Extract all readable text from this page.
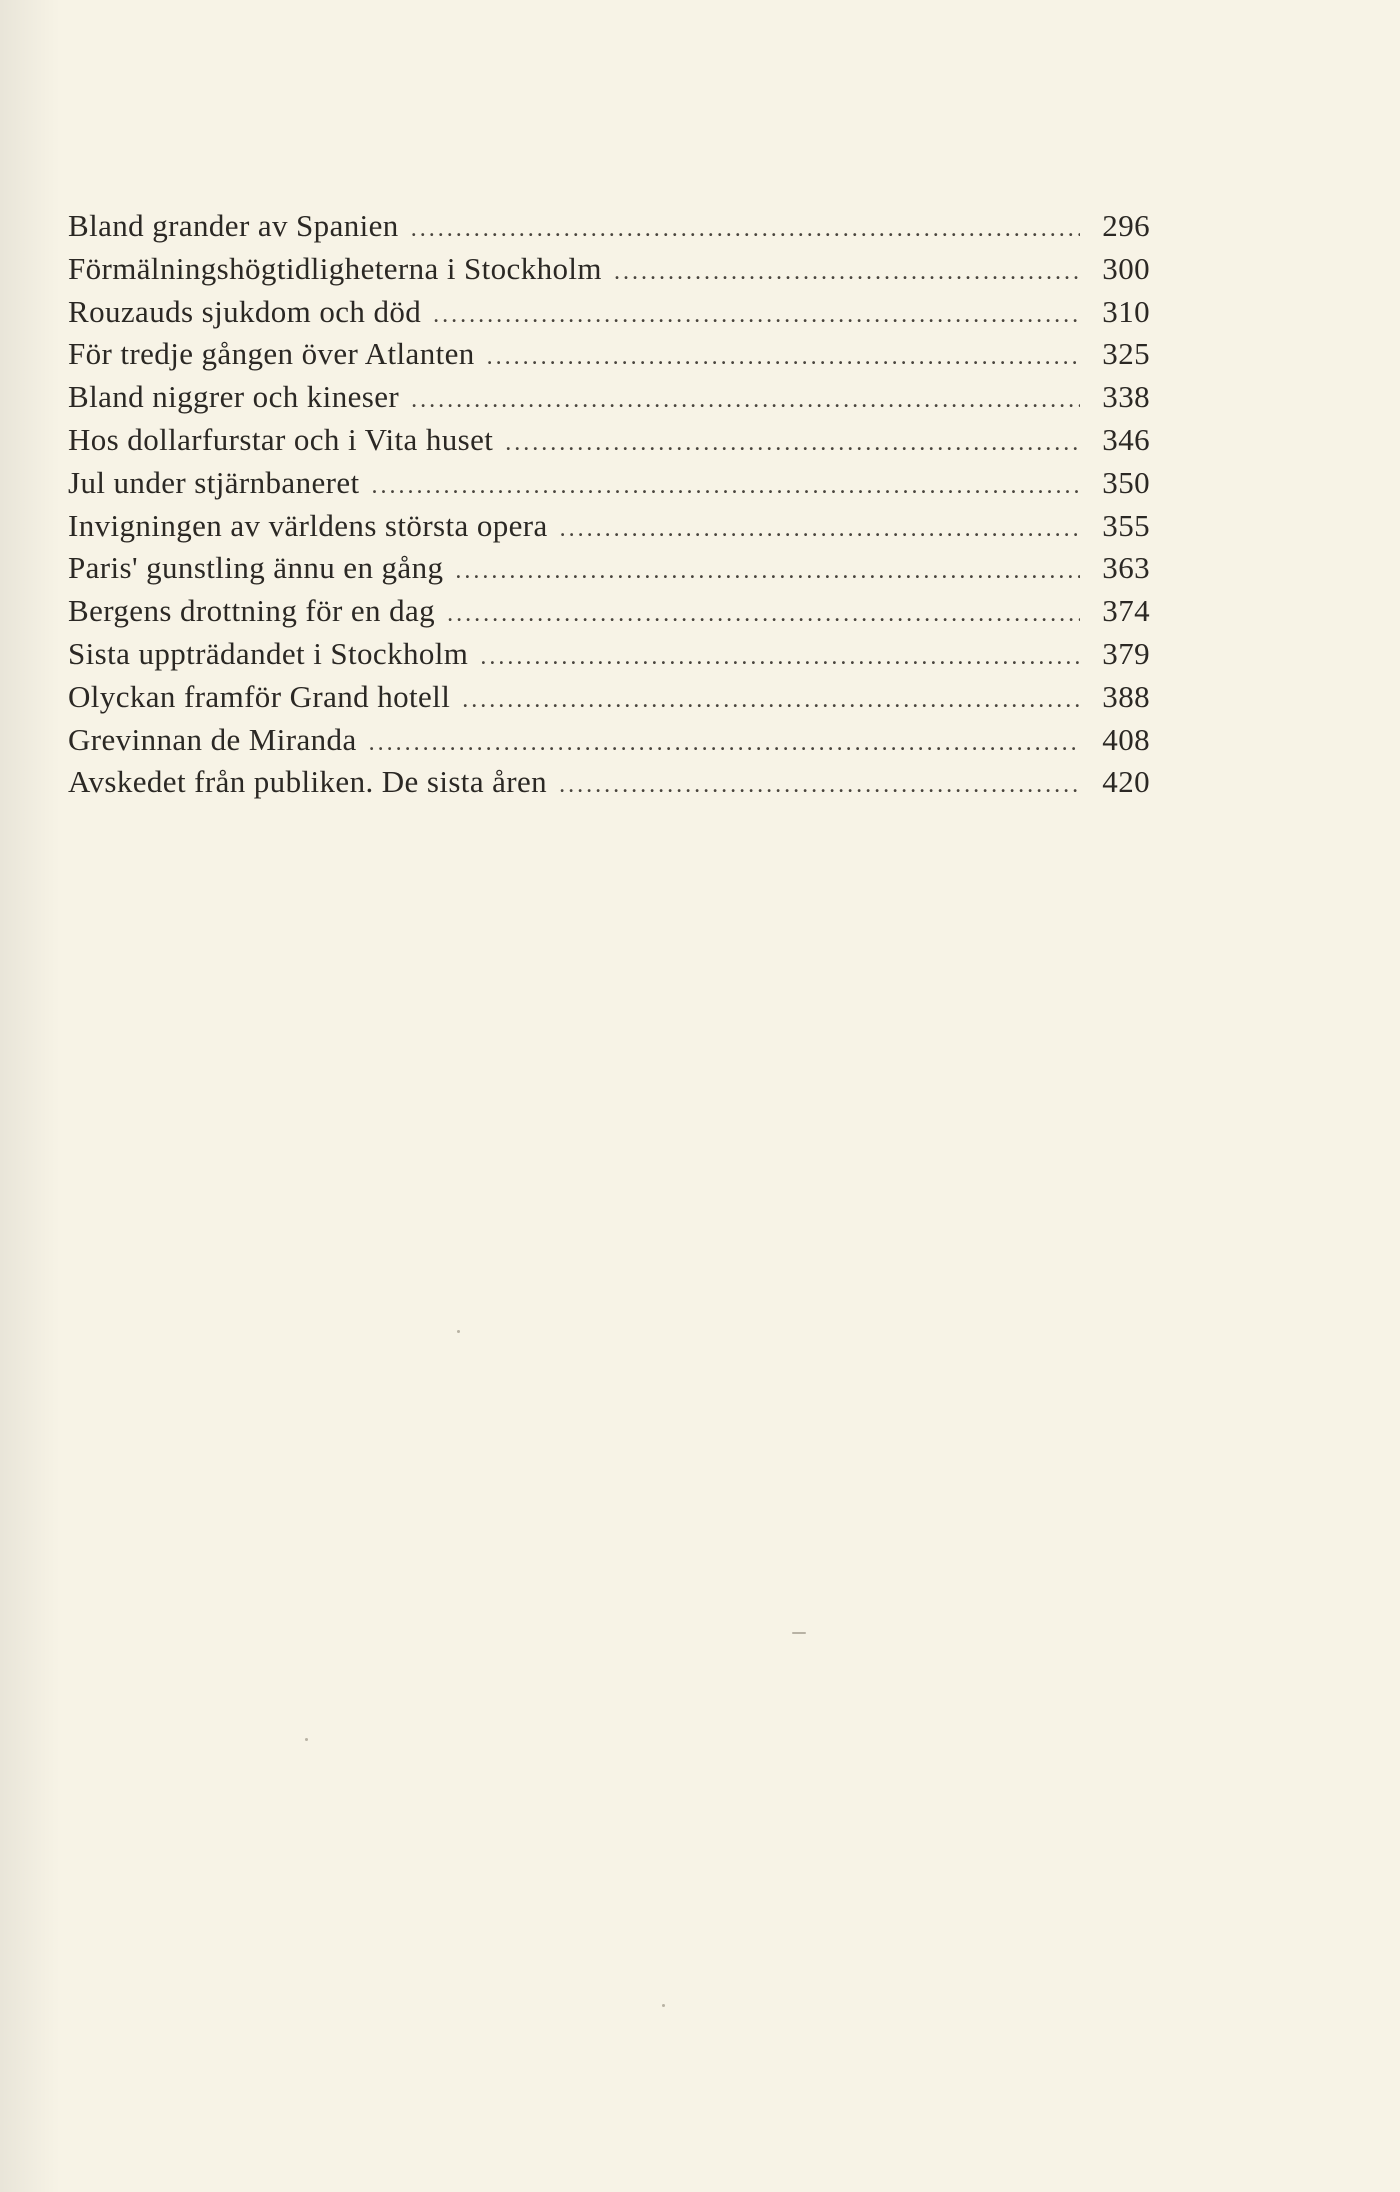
Bland grander av Spanien . . .	296
Förmälningshögtidligheterna i Stockholm . . .	300
Rouzauds sjukdom och död . . .	310
För tredje gången över Atlanten . . .	325
Bland niggrer och kineser . . .	338
Hos dollarfurstar och i Vita huset . . .	346
Jul under stjärnbaneret . . .	350
Invigningen av världens största opera . . .	355
Paris' gunstling ännu en gång . . .	363
Bergens drottning för en dag . . .	374
Sista uppträdandet i Stockholm . . .	379
Olyckan framför Grand hotell . . .	388
Grevinnan de Miranda . . .	408
Avskedet från publiken. De sista åren . . .	420
